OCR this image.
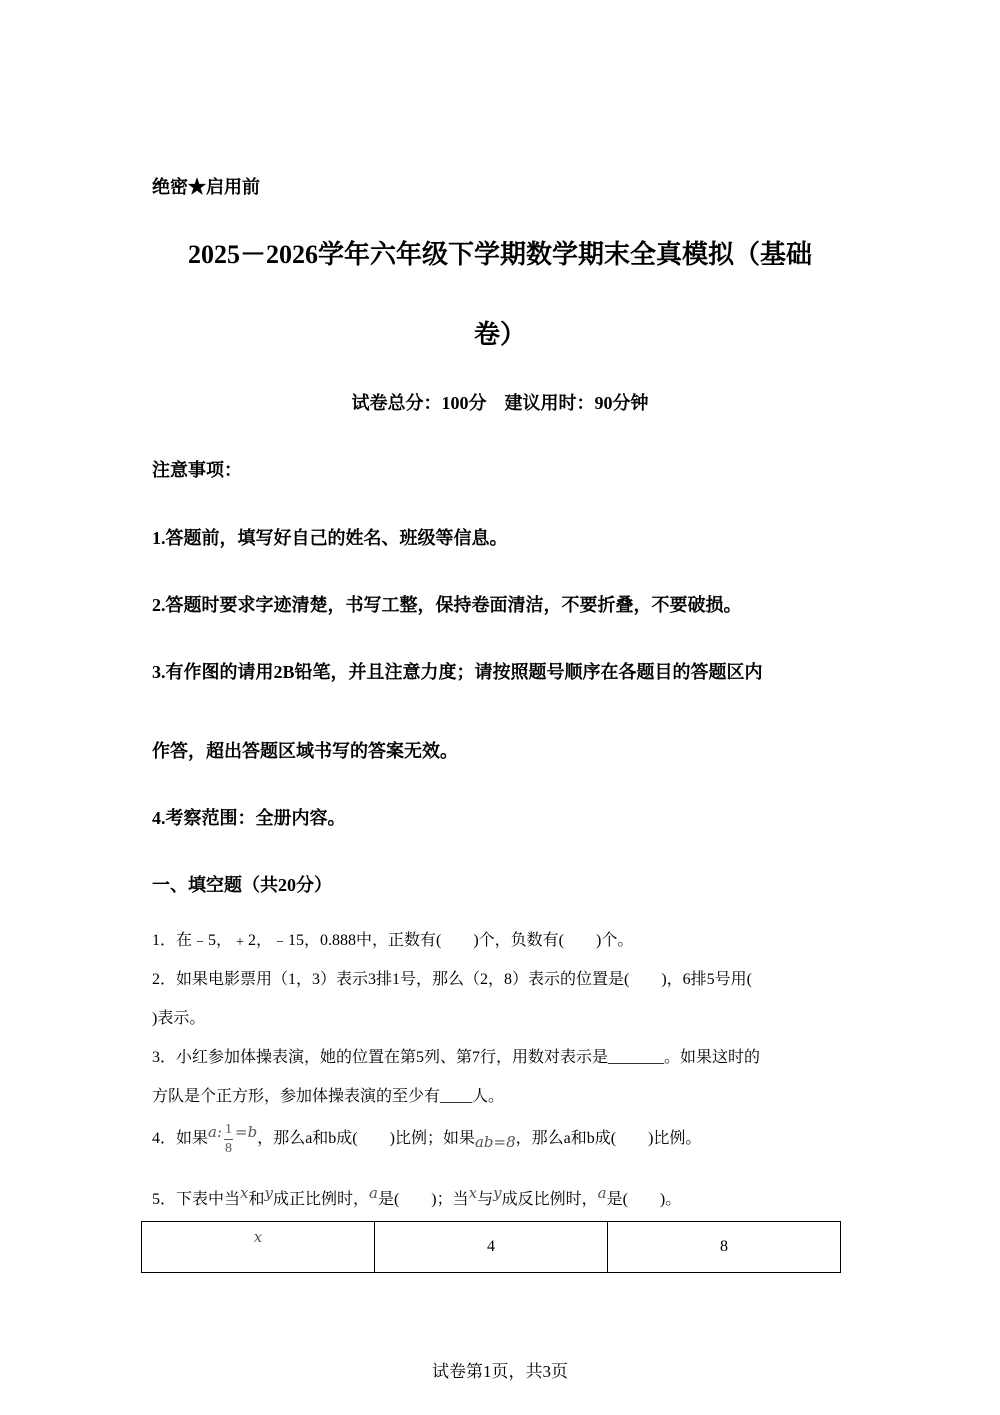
绝密★启用前
2025－2026学年六年级下学期数学期末全真模拟（基础
卷）
试卷总分：100分　建议用时：90分钟
注意事项：
1.答题前，填写好自己的姓名、班级等信息。
2.答题时要求字迹清楚，书写工整，保持卷面清洁，不要折叠，不要破损。
3.有作图的请用2B铅笔，并且注意力度；请按照题号顺序在各题目的答题区内
作答，超出答题区域书写的答案无效。
4.考察范围：全册内容。
一、填空题（共20分）
1．在﹣5，﹢2，﹣15，0.888中，正数有(　　)个，负数有(　　)个。
2．如果电影票用（1，3）表示3排1号，那么（2，8）表示的位置是(　　)，6排5号用(
)表示。
3．小红参加体操表演，她的位置在第5列、第7行，用数对表示是_______。如果这时的
方队是个正方形，参加体操表演的至少有____人。
4．如果a: $\frac{1}{8} =b$，那么a和b成(　　)比例；如果ab=8，那么a和b成(　　)比例。
5．下表中当x和y成正比例时，a是(　　)；当x与y成反比例时，a是(　　)。
x	4	8
试卷第1页，共3页
